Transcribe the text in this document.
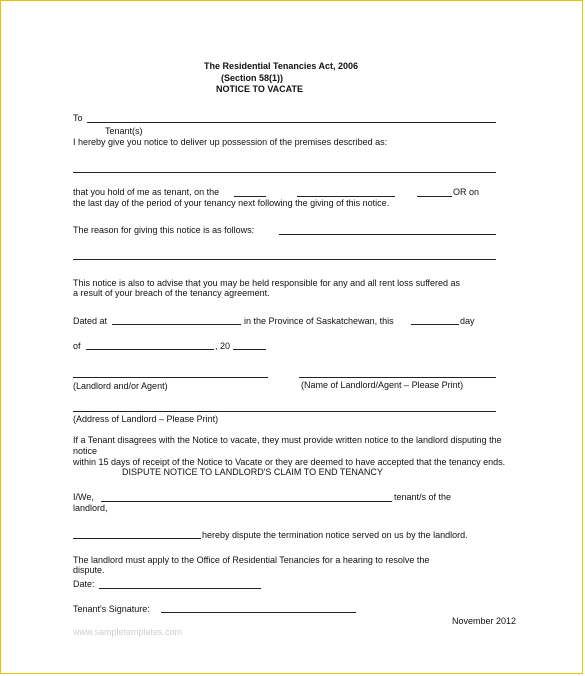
The Residential Tenancies Act, 2006
(Section 58(1))
NOTICE TO VACATE
To
Tenant(s)
I hereby give you notice to deliver up possession of the premises described as:
that you hold of me as tenant, on the	OR on
the last day of the period of your tenancy next following the giving of this notice.
The reason for giving this notice is as follows:
This notice is also to advise that you may be held responsible for any and all rent loss suffered as
a result of your breach of the tenancy agreement.
Dated at	in the Province of Saskatchewan, this	day
of	, 20
(Landlord and/or Agent)	(Name of Landlord/Agent – Please Print)
(Address of Landlord – Please Print)
If a Tenant disagrees with the Notice to vacate, they must provide written notice to the landlord disputing the
notice
within 15 days of receipt of the Notice to Vacate or they are deemed to have accepted that the tenancy ends.
DISPUTE NOTICE TO LANDLORD'S CLAIM TO END TENANCY
I/We,	tenant/s of the
landlord,
hereby dispute the termination notice served on us by the landlord.
The landlord must apply to the Office of Residential Tenancies for a hearing to resolve the
dispute.
Date:
Tenant's Signature:
November 2012
www.sampletemplates.com
